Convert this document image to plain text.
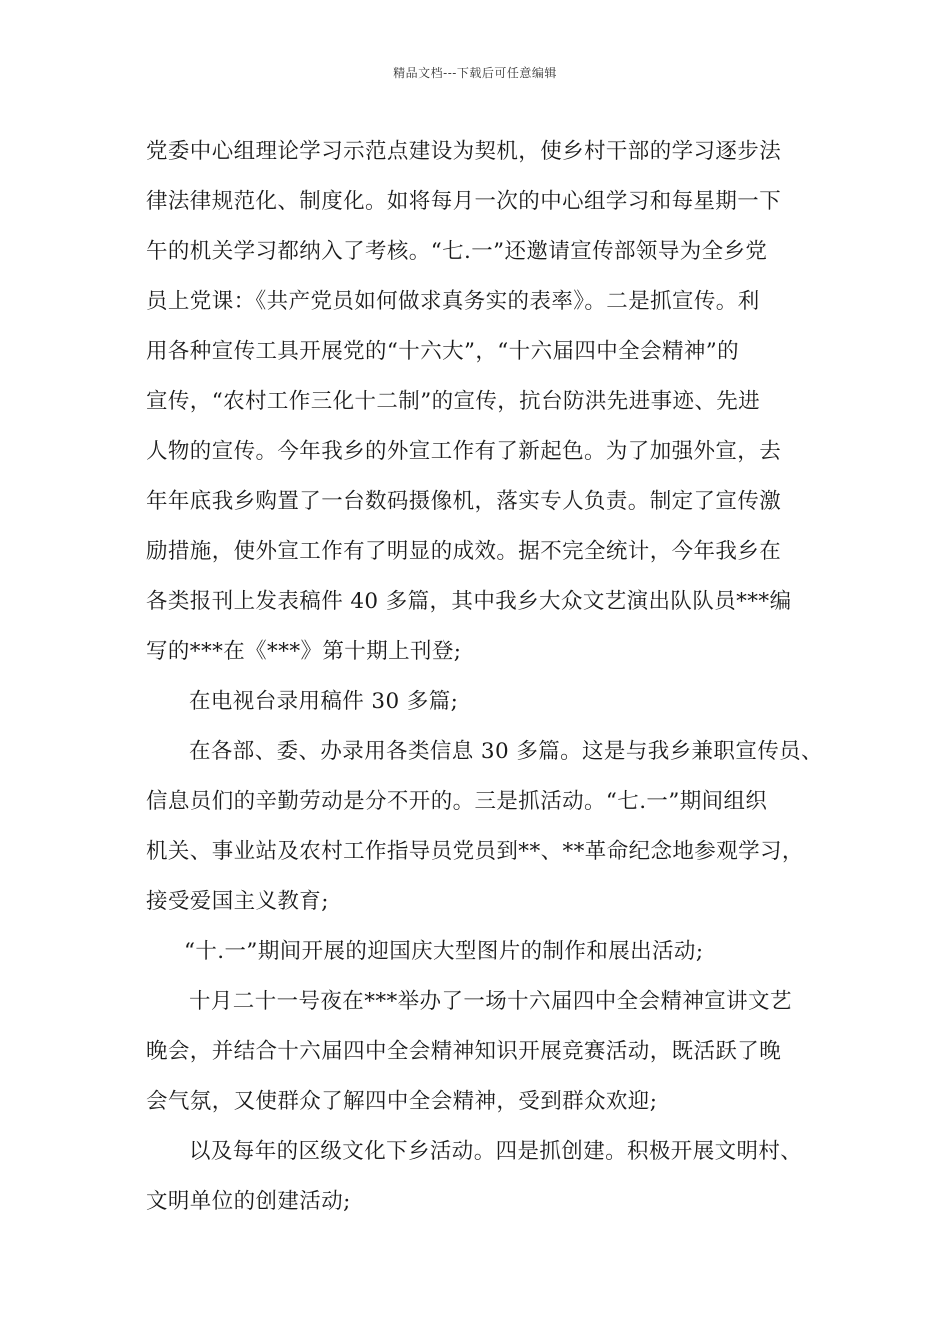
精品文档---下载后可任意编辑
党委中心组理论学习示范点建设为契机，使乡村干部的学习逐步法
律法律规范化、制度化。如将每月一次的中心组学习和每星期一下
午的机关学习都纳入了考核。“七.一”还邀请宣传部领导为全乡党
员上党课：《共产党员如何做求真务实的表率》。二是抓宣传。利
用各种宣传工具开展党的“十六大”，“十六届四中全会精神”的
宣传，“农村工作三化十二制”的宣传，抗台防洪先进事迹、先进
人物的宣传。今年我乡的外宣工作有了新起色。为了加强外宣，去
年年底我乡购置了一台数码摄像机，落实专人负责。制定了宣传激
励措施，使外宣工作有了明显的成效。据不完全统计，今年我乡在
各类报刊上发表稿件 40 多篇，其中我乡大众文艺演出队队员***编
写的***在《***》第十期上刊登;
在电视台录用稿件 30 多篇;
在各部、委、办录用各类信息 30 多篇。这是与我乡兼职宣传员、
信息员们的辛勤劳动是分不开的。三是抓活动。“七.一”期间组织
机关、事业站及农村工作指导员党员到**、**革命纪念地参观学习，
接受爱国主义教育;
“十.一”期间开展的迎国庆大型图片的制作和展出活动;
十月二十一号夜在***举办了一场十六届四中全会精神宣讲文艺
晚会，并结合十六届四中全会精神知识开展竞赛活动，既活跃了晚
会气氛，又使群众了解四中全会精神，受到群众欢迎;
以及每年的区级文化下乡活动。四是抓创建。积极开展文明村、
文明单位的创建活动;
